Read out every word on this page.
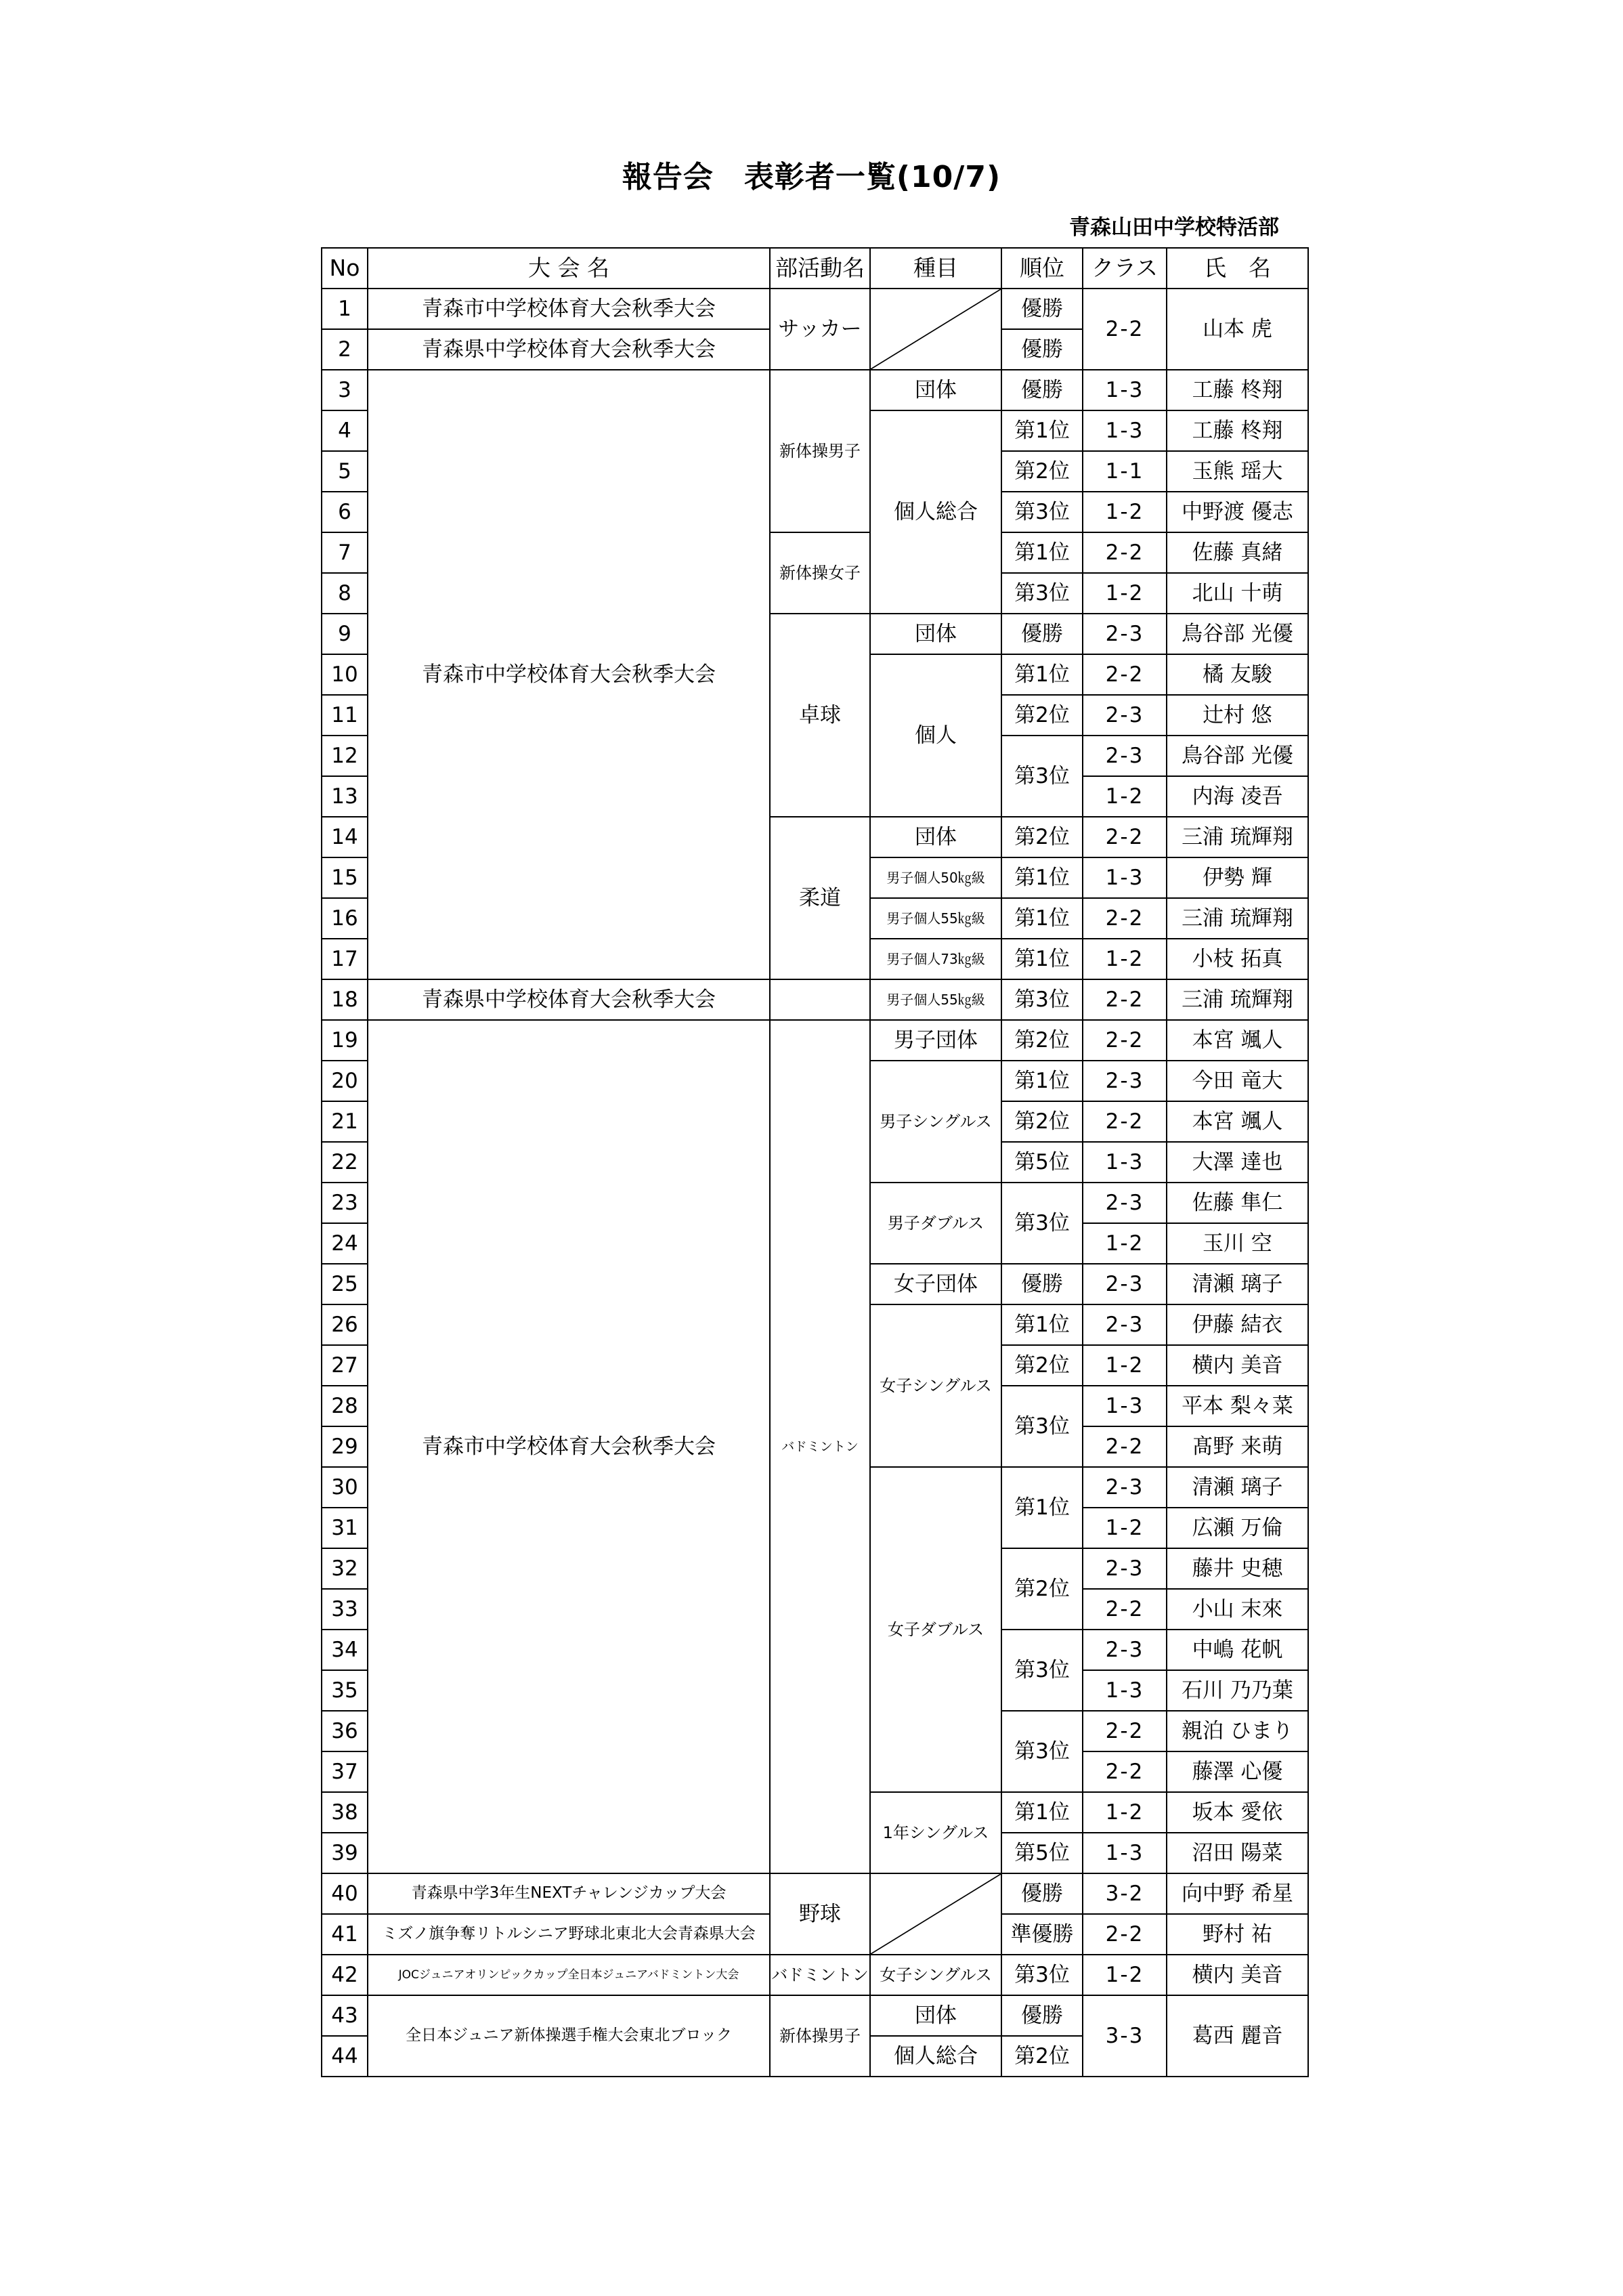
報告会　表彰者一覧(10/7)
青森山田中学校特活部
No	大 会 名	部活動名	種目	順位	クラス	氏　名
1	青森市中学校体育大会秋季大会	サッカー		優勝	2-2	山本 虎
2	青森県中学校体育大会秋季大会			優勝		
3	青森市中学校体育大会秋季大会	新体操男子	団体	優勝	1-3	工藤 柊翔
4			個人総合	第1位	1-3	工藤 柊翔
5				第2位	1-1	玉熊 瑶大
6				第3位	1-2	中野渡 優志
7		新体操女子		第1位	2-2	佐藤 真緒
8				第3位	1-2	北山 十萌
9		卓球	団体	優勝	2-3	鳥谷部 光優
10			個人	第1位	2-2	橘 友駿
11				第2位	2-3	辻村 悠
12				第3位	2-3	鳥谷部 光優
13					1-2	内海 凌吾
14		柔道	団体	第2位	2-2	三浦 琉輝翔
15			男子個人50㎏級	第1位	1-3	伊勢 輝
16			男子個人55㎏級	第1位	2-2	三浦 琉輝翔
17			男子個人73㎏級	第1位	1-2	小枝 拓真
18	青森県中学校体育大会秋季大会		男子個人55㎏級	第3位	2-2	三浦 琉輝翔
19	青森市中学校体育大会秋季大会	バドミントン	男子団体	第2位	2-2	本宮 颯人
20			男子シングルス	第1位	2-3	今田 竜大
21				第2位	2-2	本宮 颯人
22				第5位	1-3	大澤 達也
23			男子ダブルス	第3位	2-3	佐藤 隼仁
24					1-2	玉川 空
25			女子団体	優勝	2-3	清瀬 璃子
26			女子シングルス	第1位	2-3	伊藤 結衣
27				第2位	1-2	横内 美音
28				第3位	1-3	平本 梨々菜
29					2-2	髙野 来萌
30			女子ダブルス	第1位	2-3	清瀬 璃子
31					1-2	広瀬 万倫
32				第2位	2-3	藤井 史穂
33					2-2	小山 末來
34				第3位	2-3	中嶋 花帆
35					1-3	石川 乃乃葉
36				第3位	2-2	親泊 ひまり
37					2-2	藤澤 心優
38			1年シングルス	第1位	1-2	坂本 愛依
39				第5位	1-3	沼田 陽菜
40	青森県中学3年生NEXTチャレンジカップ大会	野球		優勝	3-2	向中野 希星
41	ミズノ旗争奪リトルシニア野球北東北大会青森県大会			準優勝	2-2	野村 祐
42	JOCジュニアオリンピックカップ全日本ジュニアバドミントン大会	バドミントン	女子シングルス	第3位	1-2	横内 美音
43	全日本ジュニア新体操選手権大会東北ブロック	新体操男子	団体	優勝	3-3	葛西 麗音
44			個人総合	第2位		
